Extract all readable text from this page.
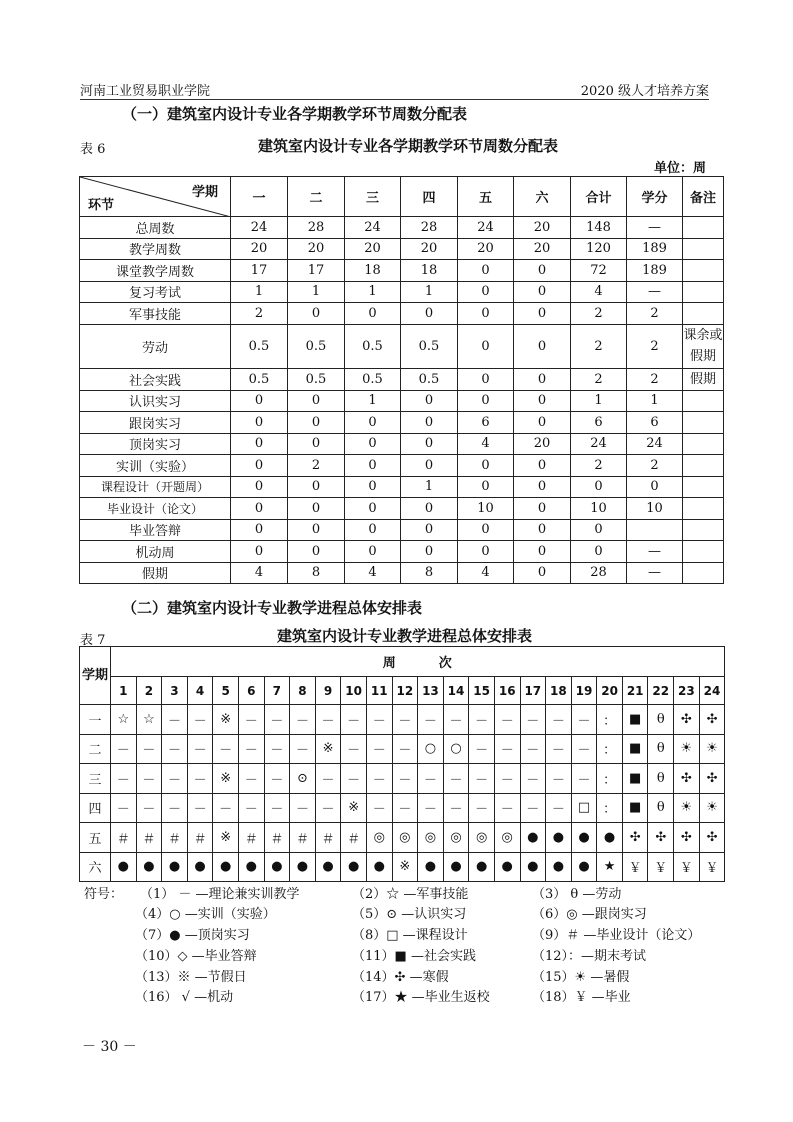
河南工业贸易职业学院	2020 级人才培养方案
（一）建筑室内设计专业各学期教学环节周数分配表
表 6	建筑室内设计专业各学期教学环节周数分配表
单位：周
学期
环节	一	二	三	四	五	六	合计	学分	备注
总周数	24	28	24	28	24	20	148	—	
教学周数	20	20	20	20	20	20	120	189	
课堂教学周数	17	17	18	18	0	0	72	189	
复习考试	1	1	1	1	0	0	4	—	
军事技能	2	0	0	0	0	0	2	2	
劳动	0.5	0.5	0.5	0.5	0	0	2	2	课余或假期
社会实践	0.5	0.5	0.5	0.5	0	0	2	2	假期
认识实习	0	0	1	0	0	0	1	1	
跟岗实习	0	0	0	0	6	0	6	6	
顶岗实习	0	0	0	0	4	20	24	24	
实训（实验）	0	2	0	0	0	0	2	2	
课程设计（开题周）	0	0	0	1	0	0	0	0	
毕业设计（论文）	0	0	0	0	10	0	10	10	
毕业答辩	0	0	0	0	0	0	0		
机动周	0	0	0	0	0	0	0	—	
假期	4	8	4	8	4	0	28	—	
（二）建筑室内设计专业教学进程总体安排表
表 7	建筑室内设计专业教学进程总体安排表
学期	周　　　次																							
	1	2	3	4	5	6	7	8	9	10	11	12	13	14	15	16	17	18	19	20	21	22	23	24
一	☆	☆	－	－	※	－	－	－	－	－	－	－	－	－	－	－	－	－	－	：	■	θ	✣	✣
二	－	－	－	－	－	－	－	－	※	－	－	－	○	○	－	－	－	－	－	：	■	θ	☀	☀
三	－	－	－	－	※	－	－	⊙	－	－	－	－	－	－	－	－	－	－	－	：	■	θ	✣	✣
四	－	－	－	－	－	－	－	－	－	※	－	－	－	－	－	－	－	－	□	：	■	θ	☀	☀
五	＃	＃	＃	＃	※	＃	＃	＃	＃	＃	◎	◎	◎	◎	◎	◎	●	●	●	●	✣	✣	✣	✣
六	●	●	●	●	●	●	●	●	●	●	●	※	●	●	●	●	●	●	●	★	￥	￥	￥	￥
符号： （1） － —理论兼实训教学	（2）☆ —军事技能	（3） θ —劳动
（4）○ —实训（实验）	（5）⊙ —认识实习	（6）◎ —跟岗实习
（7）● —顶岗实习	（8）□ —课程设计	（9）＃ —毕业设计（论文）
（10）◇ —毕业答辩	（11）■ —社会实践	（12）：—期末考试
（13）※ —节假日	（14）✣ —寒假	（15）☀ —暑假
（16） √ —机动	（17）★ —毕业生返校	（18）￥ —毕业
－ 30 －
